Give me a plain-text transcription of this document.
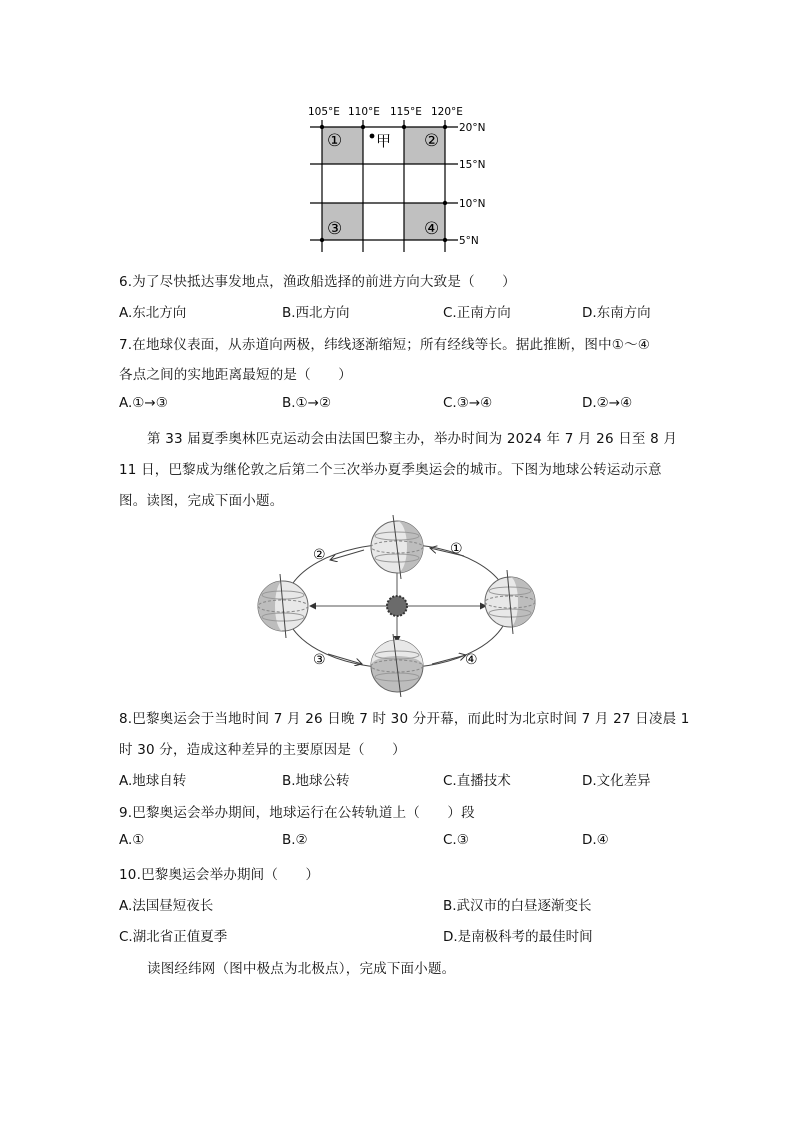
105°E 110°E 115°E 120°E
20°N
15°N
10°N
5°N
①	②
③	④
甲
6.为了尽快抵达事发地点，渔政船选择的前进方向大致是（　　）
A.东北方向	B.西北方向	C.正南方向	D.东南方向
7.在地球仪表面，从赤道向两极，纬线逐渐缩短；所有经线等长。据此推断，图中①～④
各点之间的实地距离最短的是（　　）
A.①→③	B.①→②	C.③→④	D.②→④
第 33 届夏季奥林匹克运动会由法国巴黎主办，举办时间为 2024 年 7 月 26 日至 8 月
11 日，巴黎成为继伦敦之后第二个三次举办夏季奥运会的城市。下图为地球公转运动示意
图。读图，完成下面小题。
①
②
③	④
8.巴黎奥运会于当地时间 7 月 26 日晚 7 时 30 分开幕，而此时为北京时间 7 月 27 日凌晨 1
时 30 分，造成这种差异的主要原因是（　　）
A.地球自转	B.地球公转	C.直播技术	D.文化差异
9.巴黎奥运会举办期间，地球运行在公转轨道上（　　）段
A.①	B.②	C.③	D.④
10.巴黎奥运会举办期间（　　）
A.法国昼短夜长	B.武汉市的白昼逐渐变长
C.湖北省正值夏季	D.是南极科考的最佳时间
读图经纬网（图中极点为北极点），完成下面小题。
